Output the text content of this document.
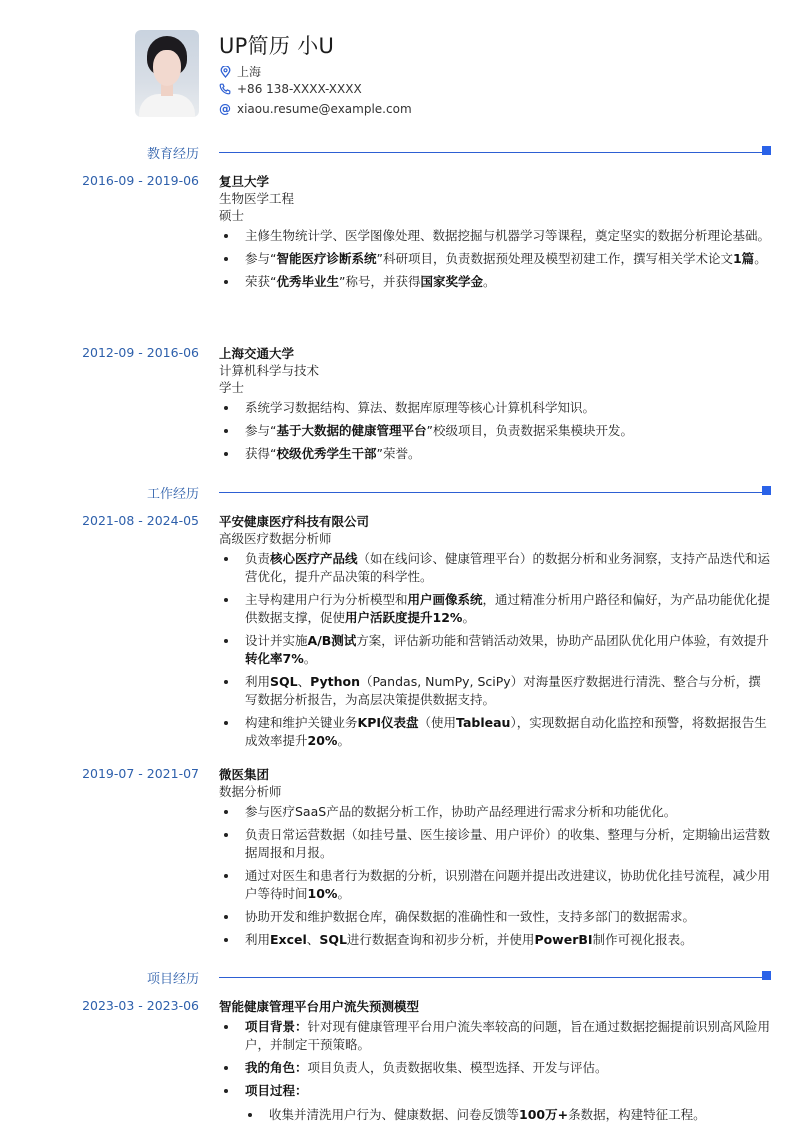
UP简历 小U
上海
+86 138-XXXX-XXXX
@ xiaou.resume@example.com
教育经历
2016-09 - 2019-06 复旦大学
生物医学工程
硕士
主修生物统计学、医学图像处理、数据挖掘与机器学习等课程，奠定坚实的数据分析理论基础。
参与“智能医疗诊断系统”科研项目，负责数据预处理及模型初建工作，撰写相关学术论文1篇。
荣获“优秀毕业生”称号，并获得国家奖学金。
2012-09 - 2016-06 上海交通大学
计算机科学与技术
学士
系统学习数据结构、算法、数据库原理等核心计算机科学知识。
参与“基于大数据的健康管理平台”校级项目，负责数据采集模块开发。
获得“校级优秀学生干部”荣誉。
工作经历
2021-08 - 2024-05 平安健康医疗科技有限公司
高级医疗数据分析师
负责核心医疗产品线（如在线问诊、健康管理平台）的数据分析和业务洞察，支持产品迭代和运营优化，提升产品决策的科学性。
主导构建用户行为分析模型和用户画像系统，通过精准分析用户路径和偏好，为产品功能优化提供数据支撑，促使用户活跃度提升12%。
设计并实施A/B测试方案，评估新功能和营销活动效果，协助产品团队优化用户体验，有效提升转化率7%。
利用SQL、Python（Pandas, NumPy, SciPy）对海量医疗数据进行清洗、整合与分析，撰写数据分析报告，为高层决策提供数据支持。
构建和维护关键业务KPI仪表盘（使用Tableau），实现数据自动化监控和预警，将数据报告生成效率提升20%。
2019-07 - 2021-07 微医集团
数据分析师
参与医疗SaaS产品的数据分析工作，协助产品经理进行需求分析和功能优化。
负责日常运营数据（如挂号量、医生接诊量、用户评价）的收集、整理与分析，定期输出运营数据周报和月报。
通过对医生和患者行为数据的分析，识别潜在问题并提出改进建议，协助优化挂号流程，减少用户等待时间10%。
协助开发和维护数据仓库，确保数据的准确性和一致性，支持多部门的数据需求。
利用Excel、SQL进行数据查询和初步分析，并使用PowerBI制作可视化报表。
项目经历
2023-03 - 2023-06 智能健康管理平台用户流失预测模型
项目背景：针对现有健康管理平台用户流失率较高的问题，旨在通过数据挖掘提前识别高风险用户，并制定干预策略。
我的角色：项目负责人，负责数据收集、模型选择、开发与评估。
项目过程：
收集并清洗用户行为、健康数据、问卷反馈等100万+条数据，构建特征工程。
